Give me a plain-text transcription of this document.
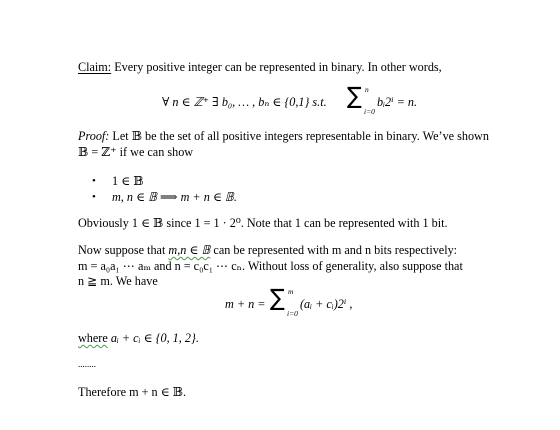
Claim: Every positive integer can be represented in binary. In other words,
∀ n ∈ ℤ⁺ ∃ b₀, … , bₙ ∈ {0,1} s.t. ∑ n
i=0
bᵢ2ⁱ = n.
Proof: Let 𝔹 be the set of all positive integers representable in binary. We’ve shown
𝔹 = ℤ⁺ if we can show
• 1 ∈ 𝔹
• m, n ∈ 𝔹 ⟹ m + n ∈ 𝔹.
Obviously 1 ∈ 𝔹 since 1 = 1 · 2⁰. Note that 1 can be represented with 1 bit.
Now suppose that m,n ∈ 𝔹 can be represented with m and n bits respectively:
m = a₀a₁ ⋯ aₘ and n = c₀c₁ ⋯ cₙ. Without loss of generality, also suppose that
n ≧ m. We have
m + n = ∑ m
i=0
(aᵢ + cᵢ)2ⁱ ,
where aᵢ + cᵢ ∈ {0, 1, 2}.
........
Therefore m + n ∈ 𝔹.
